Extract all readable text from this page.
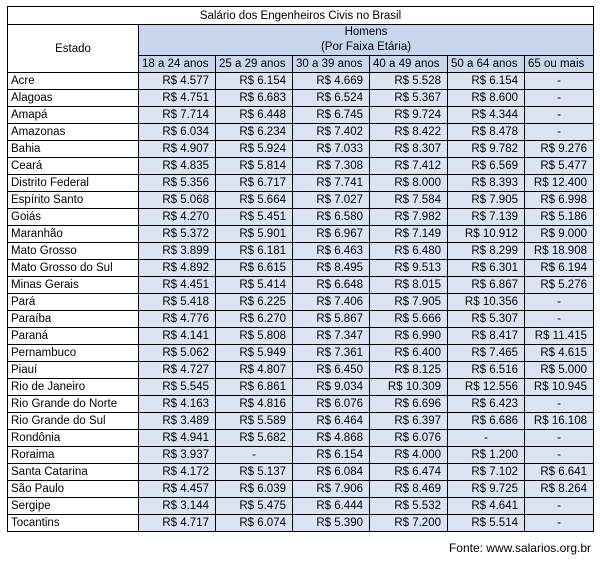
Salário dos Engenheiros Civis no Brasil						
Estado	Homens
(Por Faixa Etária)					

	18 a 24 anos	25 a 29 anos	30 a 39 anos	40 a 49 anos	50 a 64 anos	65 ou mais
Acre	R$ 4.577	R$ 6.154	R$ 4.669	R$ 5.528	R$ 6.154	-
Alagoas	R$ 4.751	R$ 6.683	R$ 6.524	R$ 5.367	R$ 8.600	-
Amapá	R$ 7.714	R$ 6.448	R$ 6.745	R$ 9.724	R$ 4.344	-
Amazonas	R$ 6.034	R$ 6.234	R$ 7.402	R$ 8.422	R$ 8.478	-
Bahia	R$ 4.907	R$ 5.924	R$ 7.033	R$ 8.307	R$ 9.782	R$ 9.276
Ceará	R$ 4.835	R$ 5.814	R$ 7.308	R$ 7.412	R$ 6.569	R$ 5.477
Distrito Federal	R$ 5.356	R$ 6.717	R$ 7.741	R$ 8.000	R$ 8.393	R$ 12.400
Espírito Santo	R$ 5.068	R$ 5.664	R$ 7.027	R$ 7.584	R$ 7.905	R$ 6.998
Goiás	R$ 4.270	R$ 5.451	R$ 6.580	R$ 7.982	R$ 7.139	R$ 5.186
Maranhão	R$ 5.372	R$ 5.901	R$ 6.967	R$ 7.149	R$ 10.912	R$ 9.000
Mato Grosso	R$ 3.899	R$ 6.181	R$ 6.463	R$ 6.480	R$ 8.299	R$ 18.908
Mato Grosso do Sul	R$ 4.892	R$ 6.615	R$ 8.495	R$ 9.513	R$ 6.301	R$ 6.194
Minas Gerais	R$ 4.451	R$ 5.414	R$ 6.648	R$ 8.015	R$ 6.867	R$ 5.276
Pará	R$ 5.418	R$ 6.225	R$ 7.406	R$ 7.905	R$ 10.356	-
Paraíba	R$ 4.776	R$ 6.270	R$ 5.867	R$ 5.666	R$ 5.307	-
Paraná	R$ 4.141	R$ 5.808	R$ 7.347	R$ 6.990	R$ 8.417	R$ 11.415
Pernambuco	R$ 5.062	R$ 5.949	R$ 7.361	R$ 6.400	R$ 7.465	R$ 4.615
Piauí	R$ 4.727	R$ 4.807	R$ 6.450	R$ 8.125	R$ 6.516	R$ 5.000
Rio de Janeiro	R$ 5.545	R$ 6.861	R$ 9.034	R$ 10.309	R$ 12.556	R$ 10.945
Rio Grande do Norte	R$ 4.163	R$ 4.816	R$ 6.076	R$ 6.696	R$ 6.423	-
Rio Grande do Sul	R$ 3.489	R$ 5.589	R$ 6.464	R$ 6.397	R$ 6.686	R$ 16.108
Rondônia	R$ 4.941	R$ 5.682	R$ 4.868	R$ 6.076	-	-
Roraima	R$ 3.937	-	R$ 6.154	R$ 4.000	R$ 1.200	-
Santa Catarina	R$ 4.172	R$ 5.137	R$ 6.084	R$ 6.474	R$ 7.102	R$ 6.641
São Paulo	R$ 4.457	R$ 6.039	R$ 7.906	R$ 8.469	R$ 9.725	R$ 8.264
Sergipe	R$ 3.144	R$ 5.475	R$ 6.444	R$ 5.532	R$ 4.641	-
Tocantins	R$ 4.717	R$ 6.074	R$ 5.390	R$ 7.200	R$ 5.514	-
Fonte: www.salarios.org.br
